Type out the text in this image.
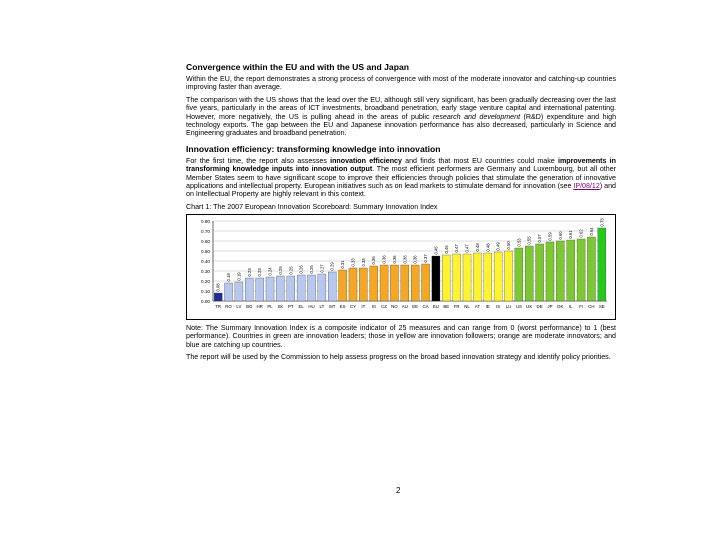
Convergence within the EU and with the US and Japan

Within the EU, the report demonstrates a strong process of convergence with most of the moderate innovator and catching-up countries improving faster than average.

The comparison with the US shows that the lead over the EU, although still very significant, has been gradually decreasing over the last five years, particularly in the areas of ICT investments, broadband penetration, early stage venture capital and international patenting. However, more negatively, the US is pulling ahead in the areas of public research and development (R&D) expenditure and high technology exports. The gap between the EU and Japanese innovation performance has also decreased, particularly in Science and Engineering graduates and broadband penetration.

Innovation efficiency: transforming knowledge into innovation

For the first time, the report also assesses innovation efficiency and finds that most EU countries could make improvements in transforming knowledge inputs into innovation output. The most efficient performers are Germany and Luxembourg, but all other Member States seem to have significant scope to improve their efficiencies through policies that stimulate the generation of innovative applications and intellectual property. European initiatives such as on lead markets to stimulate demand for innovation (see IP/08/12) and on Intellectual Property are highly relevant in this context.

Chart 1: The 2007 European Innovation Scoreboard: Summary Innovation Index
0.00
0.10
0.20
0.30
0.40
0.50
0.60
0.70
0.80
0.08
TR
0.18
RO
0.19
LV
0.23
BG
0.23
HR
0.24
PL
0.25
SK
0.25
PT
0.26
EL
0.26
HU
0.27
LT
0.29
MT
0.31
ES
0.33
CY
0.33
IT
0.35
SI
0.36
CZ
0.36
NO
0.36
AU
0.36
EE
0.37
CA
0.45
EU
0.46
BE
0.47
FR
0.47
NL
0.48
AT
0.48
IE
0.49
IS
0.50
LU
0.53
US
0.55
UK
0.57
DE
0.59
JP
0.60
DK
0.61
IL
0.62
FI
0.64
CH
0.73
SE

Note: The Summary Innovation Index is a composite indicator of 25 measures and can range from 0 (worst performance) to 1 (best performance). Countries in green are innovation leaders; those in yellow are innovation followers; orange are moderate innovators; and blue are catching up countries.

The report will be used by the Commission to help assess progress on the broad based innovation strategy and identify policy priorities.

2
